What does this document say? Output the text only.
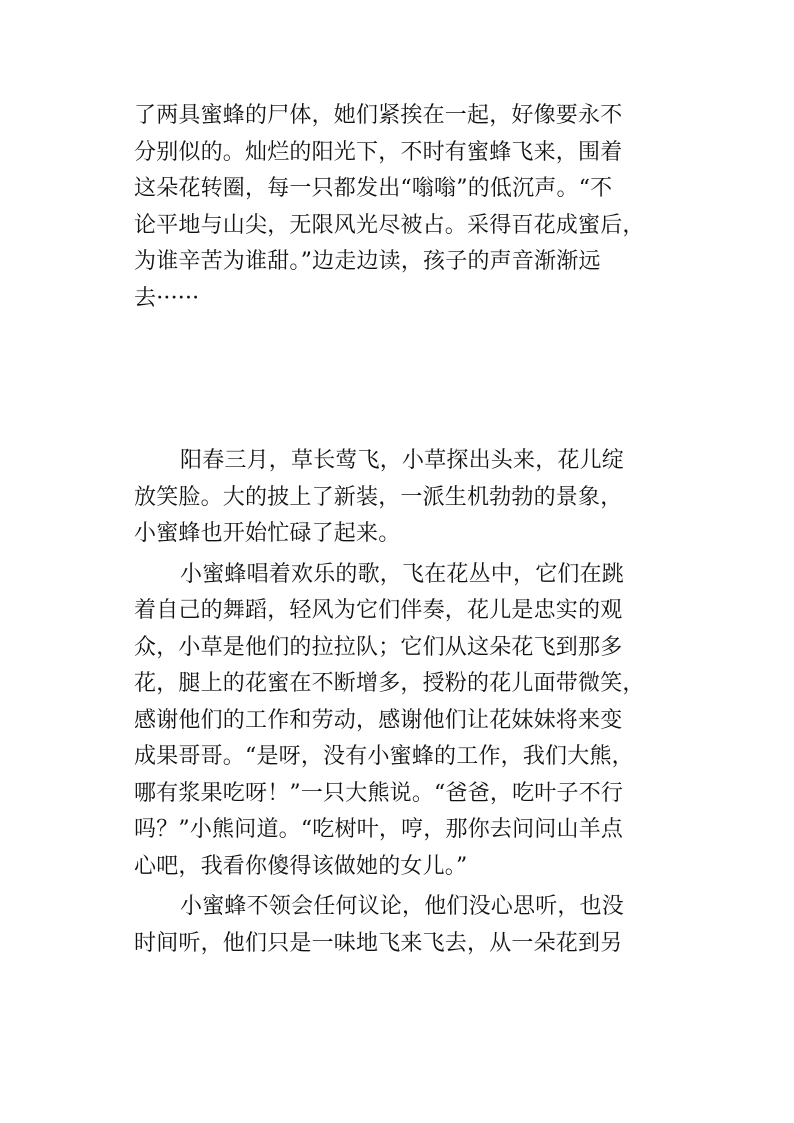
了两具蜜蜂的尸体，她们紧挨在一起，好像要永不
分别似的。灿烂的阳光下，不时有蜜蜂飞来，围着
这朵花转圈，每一只都发出“嗡嗡”的低沉声。“不
论平地与山尖，无限风光尽被占。采得百花成蜜后，
为谁辛苦为谁甜。”边走边读，孩子的声音渐渐远
去······
阳春三月，草长莺飞，小草探出头来，花儿绽
放笑脸。大的披上了新装，一派生机勃勃的景象，
小蜜蜂也开始忙碌了起来。
小蜜蜂唱着欢乐的歌，飞在花丛中，它们在跳
着自己的舞蹈，轻风为它们伴奏，花儿是忠实的观
众，小草是他们的拉拉队；它们从这朵花飞到那多
花，腿上的花蜜在不断增多，授粉的花儿面带微笑，
感谢他们的工作和劳动，感谢他们让花妹妹将来变
成果哥哥。“是呀，没有小蜜蜂的工作，我们大熊，
哪有浆果吃呀！”一只大熊说。“爸爸，吃叶子不行
吗？”小熊问道。“吃树叶，哼，那你去问问山羊点
心吧，我看你傻得该做她的女儿。”
小蜜蜂不领会任何议论，他们没心思听，也没
时间听，他们只是一味地飞来飞去，从一朵花到另
